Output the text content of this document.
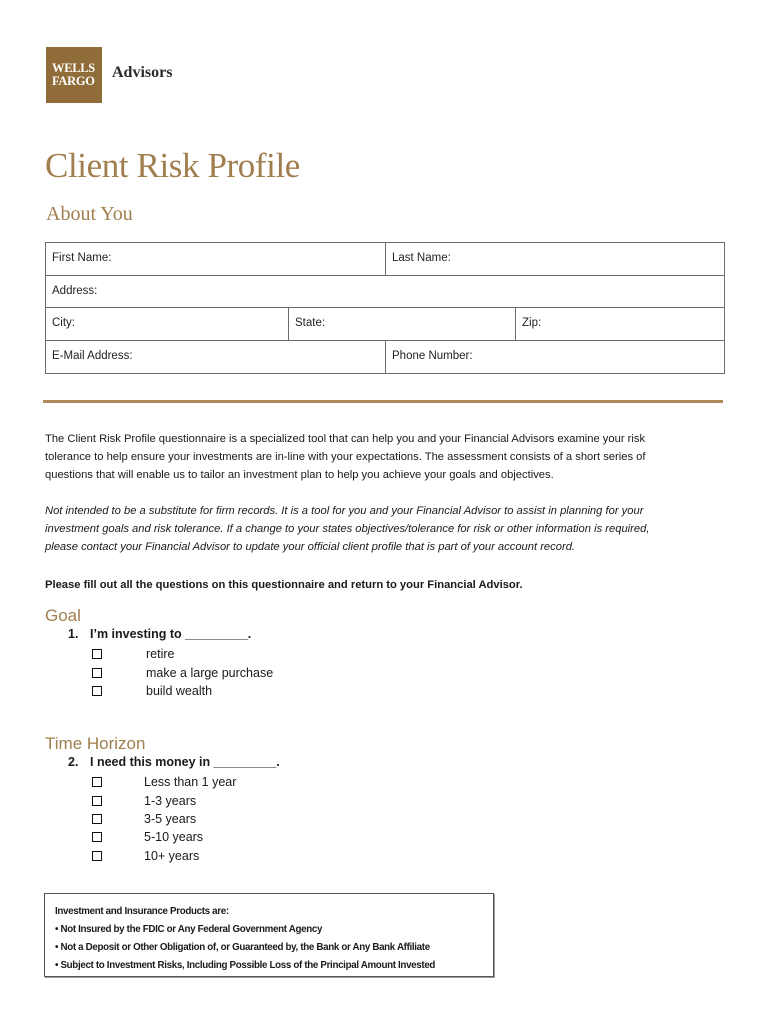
WELLS
FARGO	Advisors
Client Risk Profile
About You
First Name:	Last Name:
Address:
City:	State:	Zip:
E-Mail Address:	Phone Number:
The Client Risk Profile questionnaire is a specialized tool that can help you and your Financial Advisors examine your risk
tolerance to help ensure your investments are in-line with your expectations. The assessment consists of a short series of
questions that will enable us to tailor an investment plan to help you achieve your goals and objectives.
Not intended to be a substitute for firm records. It is a tool for you and your Financial Advisor to assist in planning for your
investment goals and risk tolerance. If a change to your states objectives/tolerance for risk or other information is required,
please contact your Financial Advisor to update your official client profile that is part of your account record.
Please fill out all the questions on this questionnaire and return to your Financial Advisor.
Goal
1. I’m investing to _________.
retire
make a large purchase
build wealth
Time Horizon
2. I need this money in _________.
Less than 1 year
1-3 years
3-5 years
5-10 years
10+ years
Investment and Insurance Products are:
• Not Insured by the FDIC or Any Federal Government Agency
• Not a Deposit or Other Obligation of, or Guaranteed by, the Bank or Any Bank Affiliate
• Subject to Investment Risks, Including Possible Loss of the Principal Amount Invested
